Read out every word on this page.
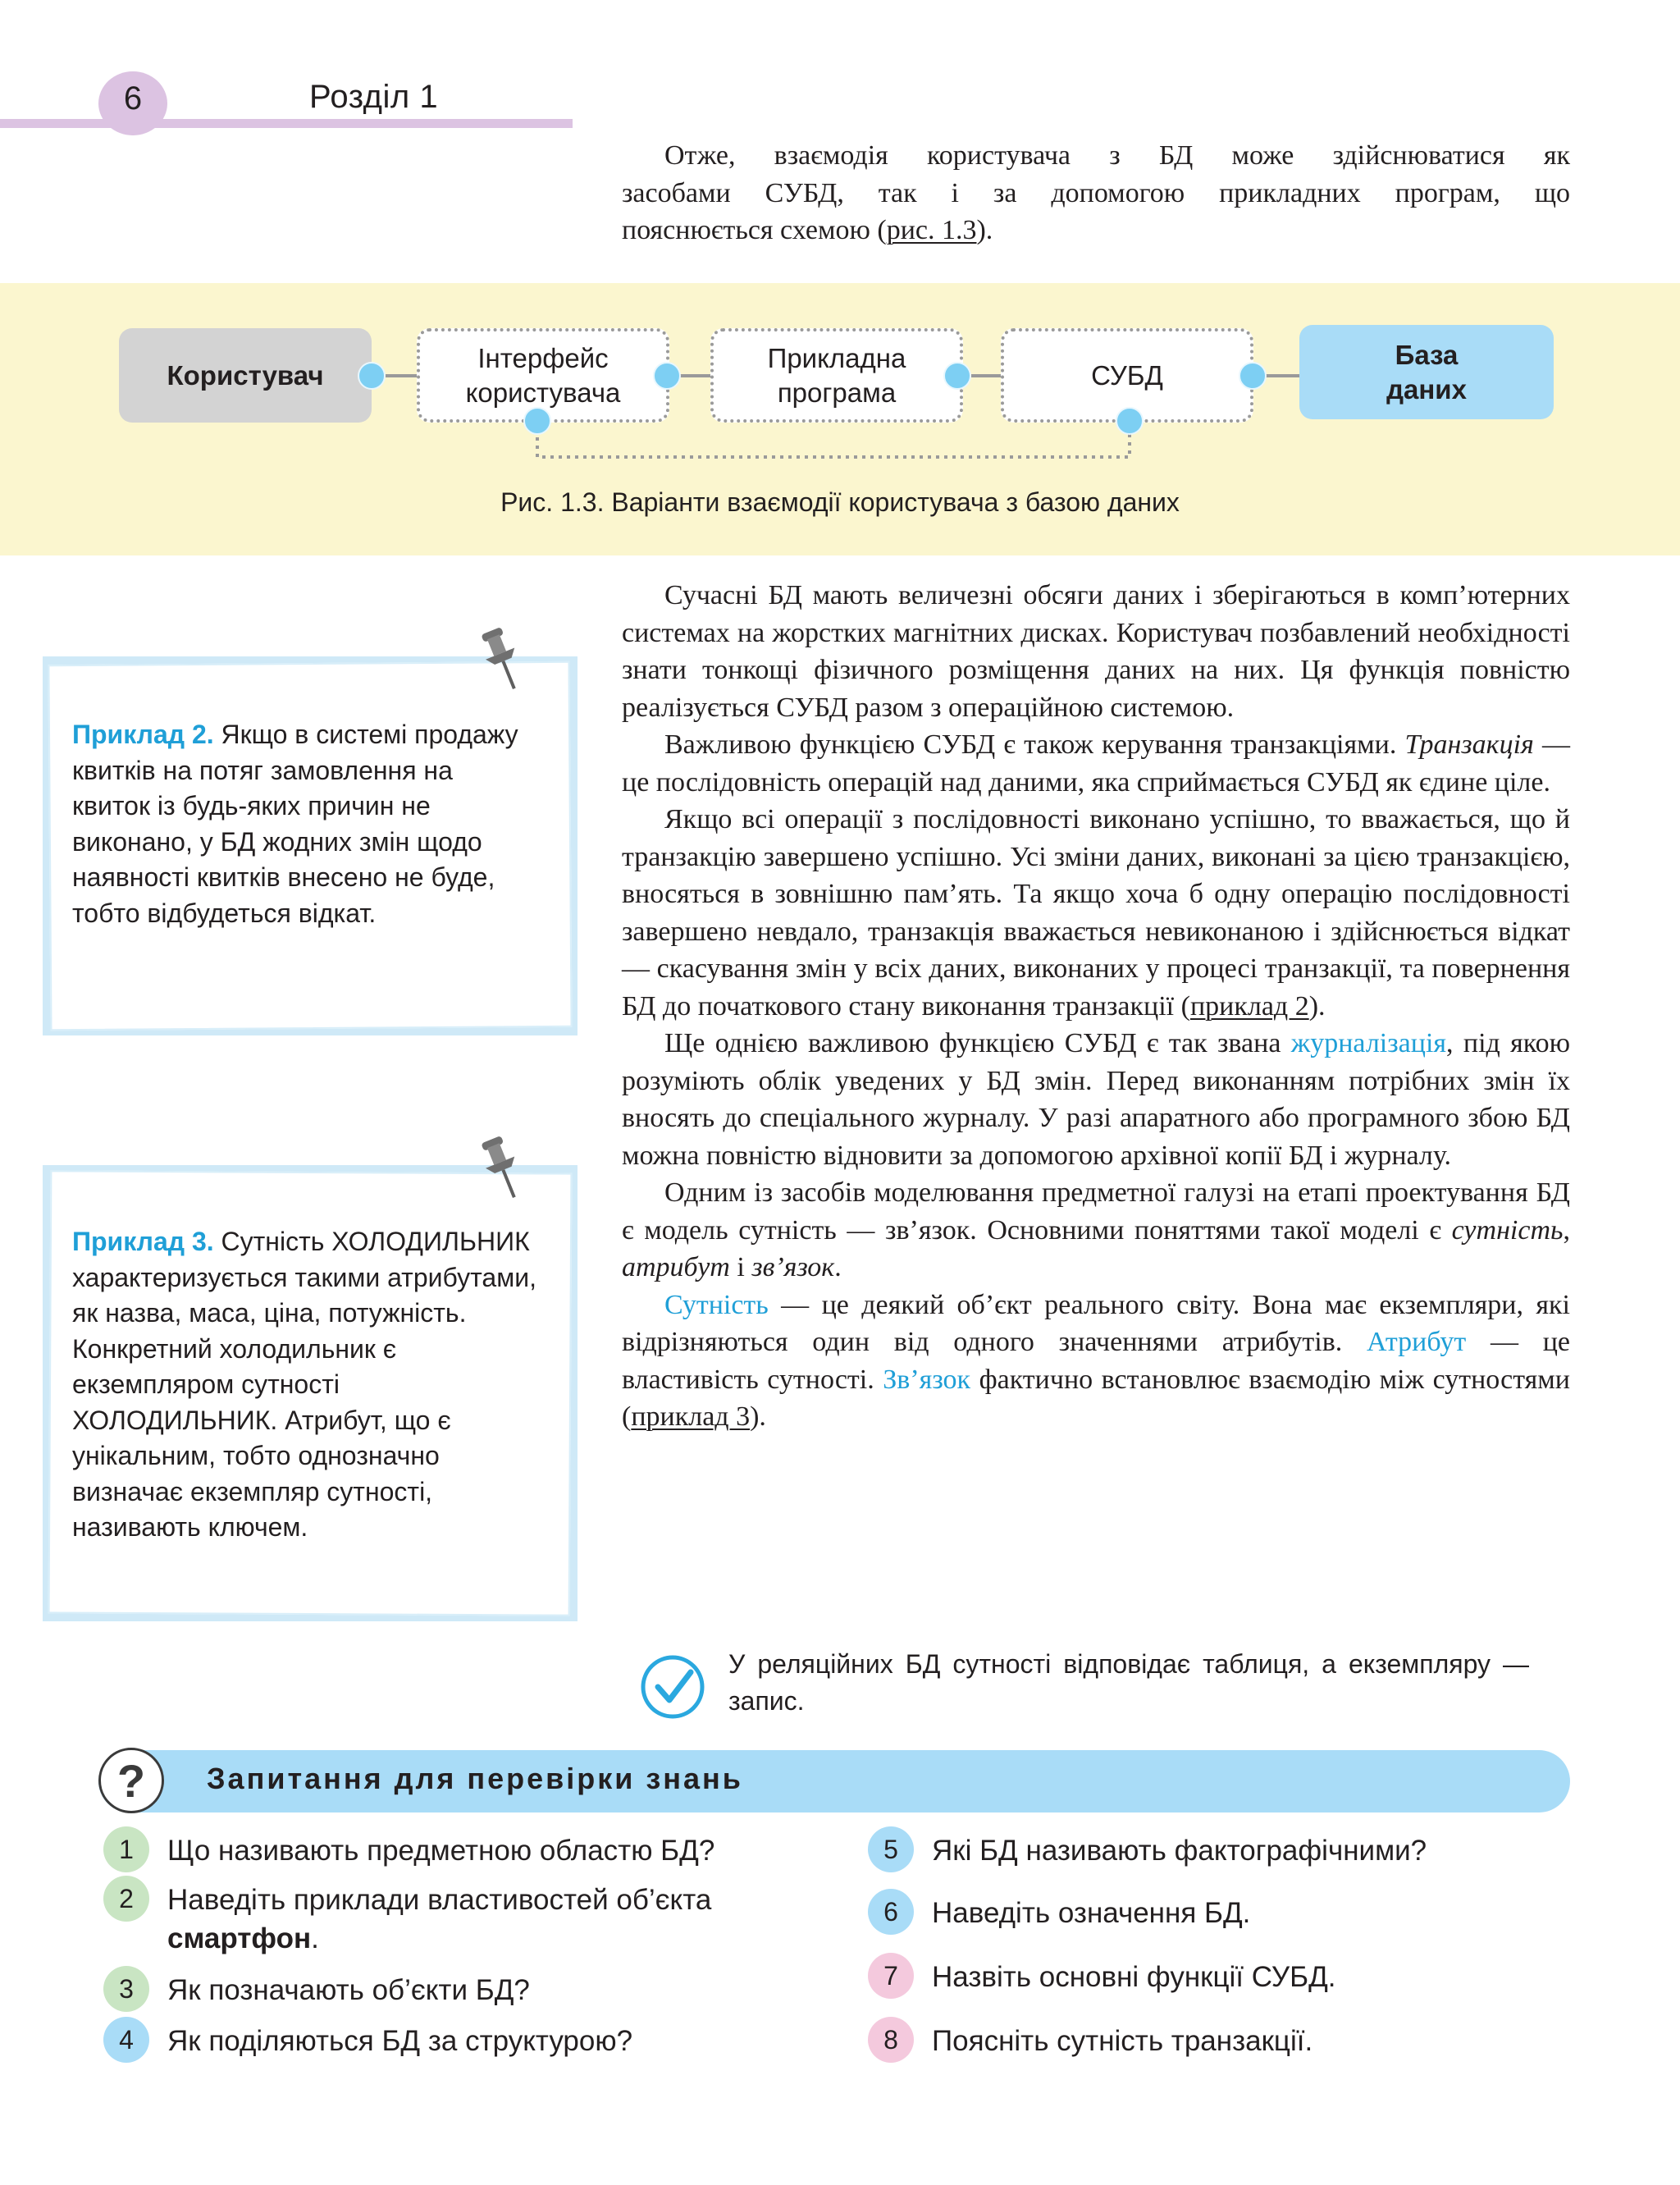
6	Розділ 1
Отже, взаємодія користувача з БД може здійснюватися як
засобами СУБД, так і за допомогою прикладних програм, що
пояснюється схемою (рис. 1.3).
Користувач
Інтерфейс
користувача
Прикладна
програма
СУБД
База
даних
Рис. 1.3. Варіанти взаємодії користувача з базою даних
Сучасні БД мають величезні обсяги даних і зберігаються в комп’ютерних системах на жорстких магнітних дисках. Користувач позбавлений необхідності знати тонкощі фізичного розміщення даних на них. Ця функція повністю реалізується СУБД разом з операційною системою.
Важливою функцією СУБД є також керування транзакціями. Транзакція — це послідовність операцій над даними, яка сприймається СУБД як єдине ціле.
Якщо всі операції з послідовності виконано успішно, то вважається, що й транзакцію завершено успішно. Усі зміни даних, виконані за цією транзакцією, вносяться в зовнішню пам’ять. Та якщо хоча б одну операцію послідовності завершено невдало, транзакція вважається невиконаною і здійснюється відкат — скасування змін у всіх даних, виконаних у процесі транзакції, та повернення БД до початкового стану виконання транзакції (приклад 2).
Ще однією важливою функцією СУБД є так звана журналізація, під якою розуміють облік уведених у БД змін. Перед виконанням потрібних змін їх вносять до спеціального журналу. У разі апаратного або програмного збою БД можна повністю відновити за допомогою архівної копії БД і журналу.
Одним із засобів моделювання предметної галузі на етапі проектування БД є модель сутність — зв’язок. Основними поняттями такої моделі є сутність, атрибут і зв’язок.
Сутність — це деякий об’єкт реального світу. Вона має екземпляри, які відрізняються один від одного значеннями атрибутів. Атрибут — це властивість сутності. Зв’язок фактично встановлює взаємодію між сутностями (приклад 3).
Приклад 2. Якщо в системі продажу квитків на потяг замовлення на квиток із будь-яких причин не виконано, у БД жодних змін щодо наявності квитків внесено не буде, тобто відбудеться відкат.
Приклад 3. Сутність ХОЛОДИЛЬНИК характеризується такими атрибутами, як назва, маса, ціна, потужність. Конкретний холодильник є екземпляром сутності ХОЛОДИЛЬНИК. Атрибут, що є унікальним, тобто однозначно визначає екземпляр сутності, називають ключем.
У реляційних БД сутності відповідає таблиця, а екземпляру — запис.
?	Запитання для перевірки знань
1	Що називають предметною областю БД?
2	Наведіть приклади властивостей об’єкта
смартфон.
3	Як позначають об’єкти БД?
4	Як поділяються БД за структурою?
5	Які БД називають фактографічними?
6	Наведіть означення БД.
7	Назвіть основні функції СУБД.
8	Поясніть сутність транзакції.
